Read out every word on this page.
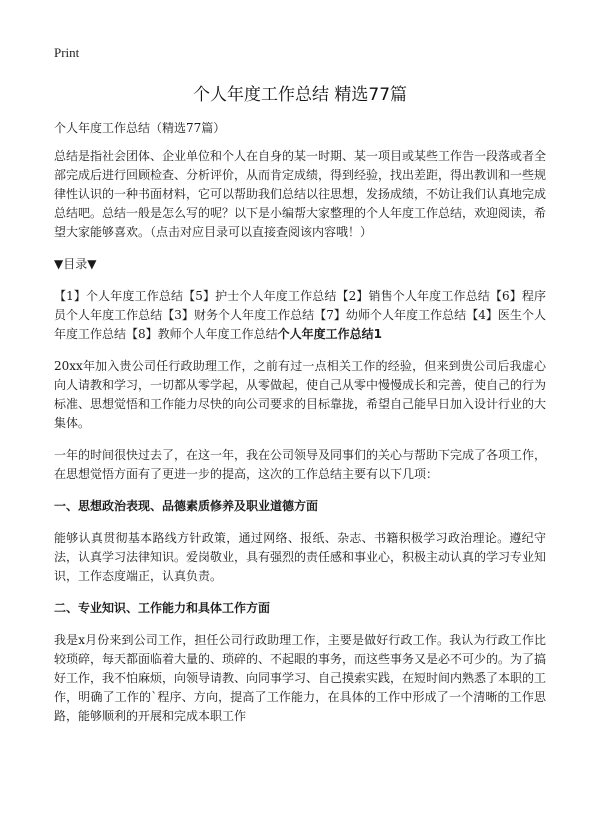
Print
个人年度工作总结 精选77篇

个人年度工作总结（精选77篇）

总结是指社会团体、企业单位和个人在自身的某一时期、某一项目或某些工作告一段落或者全部完成后进行回顾检查、分析评价，从而肯定成绩，得到经验，找出差距，得出教训和一些规律性认识的一种书面材料，它可以帮助我们总结以往思想，发扬成绩，不妨让我们认真地完成总结吧。总结一般是怎么写的呢？以下是小编帮大家整理的个人年度工作总结，欢迎阅读，希望大家能够喜欢。（点击对应目录可以直接查阅该内容哦！）

▼目录▼

【1】个人年度工作总结【5】护士个人年度工作总结【2】销售个人年度工作总结【6】程序员个人年度工作总结【3】财务个人年度工作总结【7】幼师个人年度工作总结【4】医生个人年度工作总结【8】教师个人年度工作总结个人年度工作总结1

20xx年加入贵公司任行政助理工作，之前有过一点相关工作的经验，但来到贵公司后我虚心向人请教和学习，一切都从零学起，从零做起，使自己从零中慢慢成长和完善，使自己的行为标准、思想觉悟和工作能力尽快的向公司要求的目标靠拢，希望自己能早日加入设计行业的大集体。

一年的时间很快过去了，在这一年，我在公司领导及同事们的关心与帮助下完成了各项工作，在思想觉悟方面有了更进一步的提高，这次的工作总结主要有以下几项：

一、思想政治表现、品德素质修养及职业道德方面

能够认真贯彻基本路线方针政策，通过网络、报纸、杂志、书籍积极学习政治理论。遵纪守法，认真学习法律知识。爱岗敬业，具有强烈的责任感和事业心，积极主动认真的学习专业知识，工作态度端正，认真负责。

二、专业知识、工作能力和具体工作方面

我是x月份来到公司工作，担任公司行政助理工作，主要是做好行政工作。我认为行政工作比较琐碎，每天都面临着大量的、琐碎的、不起眼的事务，而这些事务又是必不可少的。为了搞好工作，我不怕麻烦，向领导请教、向同事学习、自己摸索实践，在短时间内熟悉了本职的工作，明确了工作的`程序、方向，提高了工作能力，在具体的工作中形成了一个清晰的工作思路，能够顺利的开展和完成本职工作
